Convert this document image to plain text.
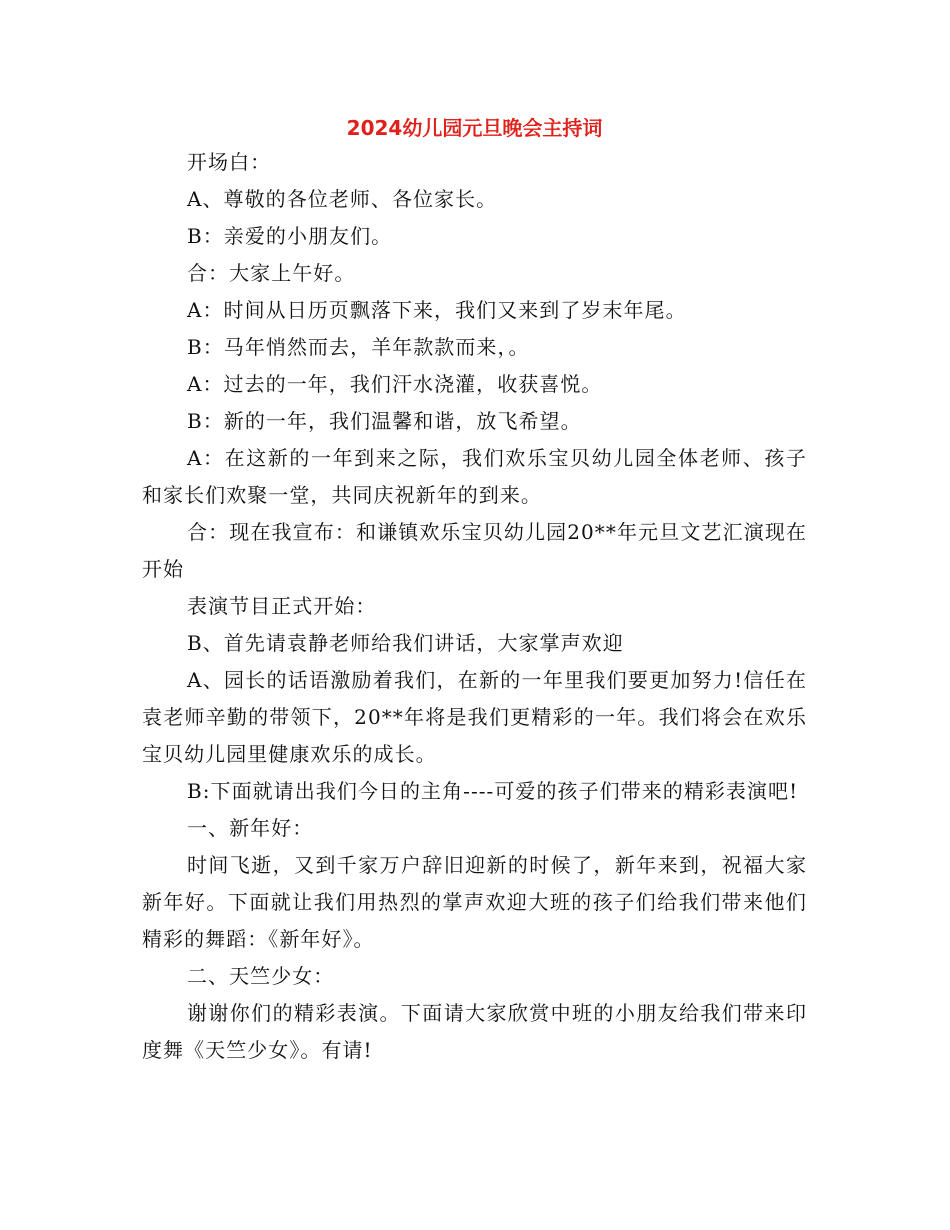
2024幼儿园元旦晚会主持词

开场白：

A、尊敬的各位老师、各位家长。

B：亲爱的小朋友们。

合：大家上午好。

A：时间从日历页飘落下来，我们又来到了岁末年尾。

B：马年悄然而去，羊年款款而来，。

A：过去的一年，我们汗水浇灌，收获喜悦。

B：新的一年，我们温馨和谐，放飞希望。

A：在这新的一年到来之际，我们欢乐宝贝幼儿园全体老师、孩子和家长们欢聚一堂，共同庆祝新年的到来。

合：现在我宣布：和谦镇欢乐宝贝幼儿园20**年元旦文艺汇演现在开始

表演节目正式开始：

B、首先请袁静老师给我们讲话，大家掌声欢迎

A、园长的话语激励着我们，在新的一年里我们要更加努力!信任在袁老师辛勤的带领下，20**年将是我们更精彩的一年。我们将会在欢乐宝贝幼儿园里健康欢乐的成长。

B:下面就请出我们今日的主角----可爱的孩子们带来的精彩表演吧!

一、新年好：

时间飞逝，又到千家万户辞旧迎新的时候了，新年来到，祝福大家新年好。下面就让我们用热烈的掌声欢迎大班的孩子们给我们带来他们精彩的舞蹈：《新年好》。

二、天竺少女：

谢谢你们的精彩表演。下面请大家欣赏中班的小朋友给我们带来印度舞《天竺少女》。有请!
